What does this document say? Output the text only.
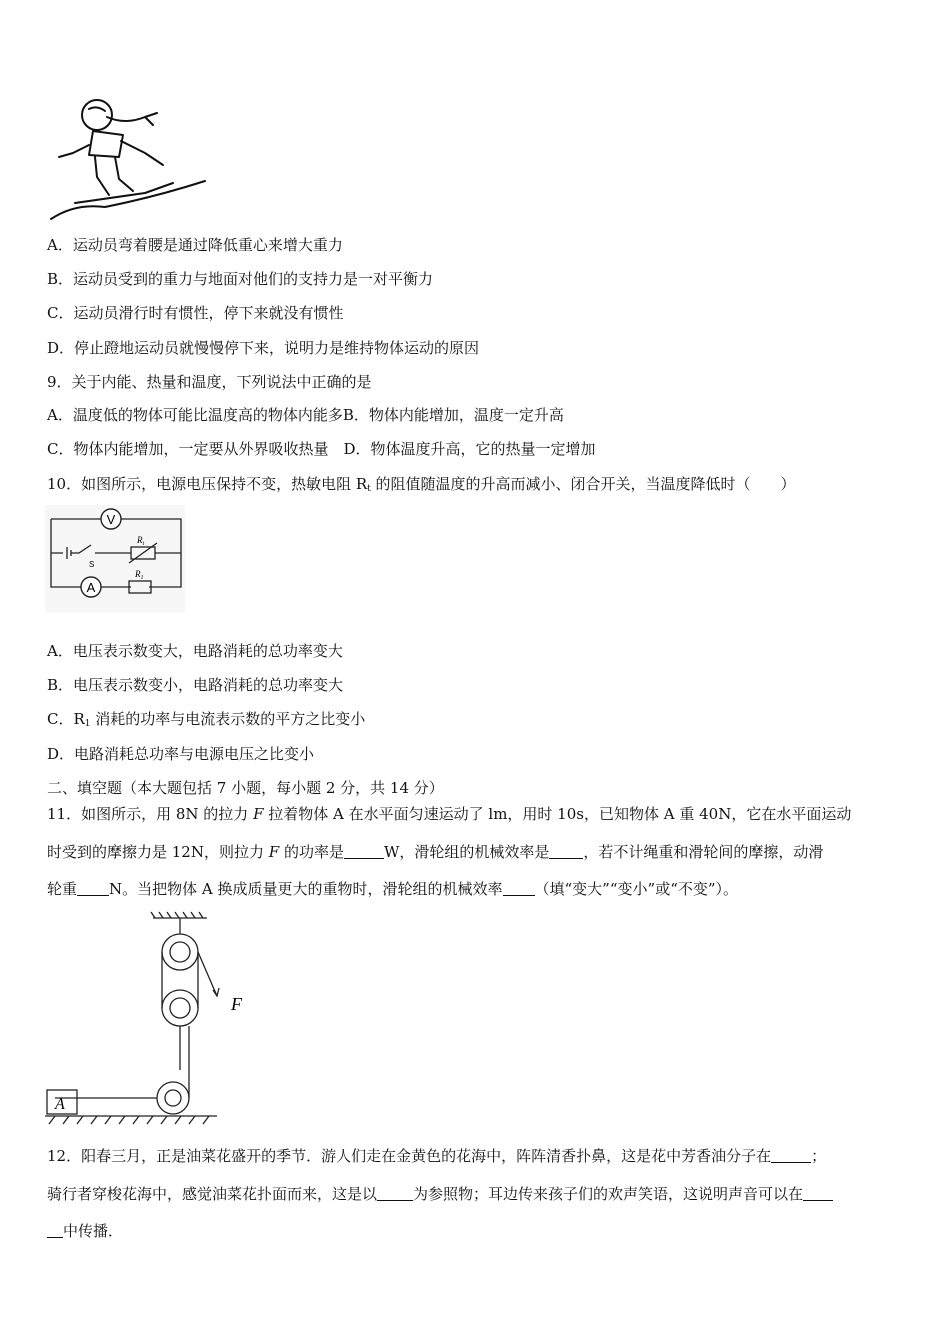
A．运动员弯着腰是通过降低重心来增大重力
B．运动员受到的重力与地面对他们的支持力是一对平衡力
C．运动员滑行时有惯性，停下来就没有惯性
D．停止蹬地运动员就慢慢停下来，说明力是维持物体运动的原因
9．关于内能、热量和温度，下列说法中正确的是
A．温度低的物体可能比温度高的物体内能多B．物体内能增加，温度一定升高
C．物体内能增加，一定要从外界吸收热量　D．物体温度升高，它的热量一定增加
10．如图所示，电源电压保持不变，热敏电阻 $R_t$ 的阻值随温度的升高而减小、闭合开关，当温度降低时（　　）
V
A
S
$R_t$
$R_1$
A．电压表示数变大，电路消耗的总功率变大
B．电压表示数变小，电路消耗的总功率变大
C．$R_1$ 消耗的功率与电流表示数的平方之比变小
D．电路消耗总功率与电源电压之比变小
二、填空题（本大题包括 7 小题，每小题 2 分，共 14 分）
11．如图所示，用 8N 的拉力 F 拉着物体 A 在水平面匀速运动了 lm，用时 10s，已知物体 A 重 40N，它在水平面运动
时受到的摩擦力是 12N，则拉力 F 的功率是	W，滑轮组的机械效率是 ，若不计绳重和滑轮间的摩擦，动滑
轮重 N。当把物体 A 换成质量更大的重物时，滑轮组的机械效率 （填“变大”“变小”或“不变”）。
F
A
12．阳春三月，正是油菜花盛开的季节．游人们走在金黄色的花海中，阵阵清香扑鼻，这是花中芳香油分子在	；
骑行者穿梭花海中，感觉油菜花扑面而来，这是以 为参照物；耳边传来孩子们的欢声笑语，这说明声音可以在
中传播．
